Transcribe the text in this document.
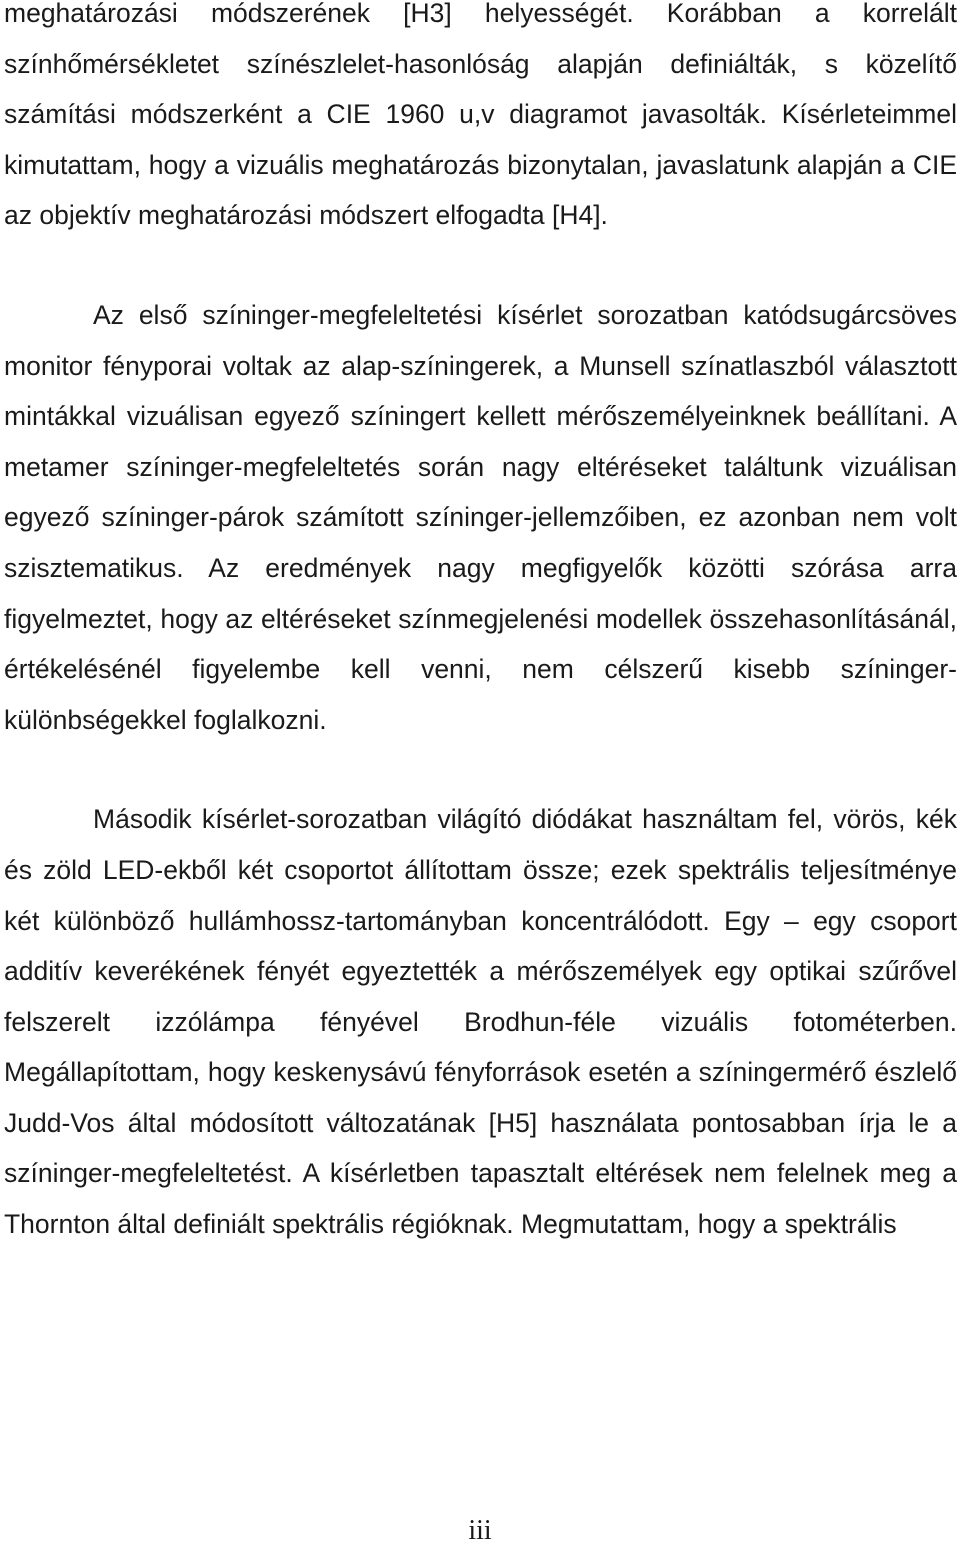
meghatározási módszerének [H3] helyességét. Korábban a korrelált színhőmérsékletet színészlelet-hasonlóság alapján definiálták, s közelítő számítási módszerként a CIE 1960 u,v diagramot javasolták. Kísérleteimmel kimutattam, hogy a vizuális meghatározás bizonytalan, javaslatunk alapján a CIE az objektív meghatározási módszert elfogadta [H4].

Az első színinger-megfeleltetési kísérlet sorozatban katódsugárcsöves monitor fényporai voltak az alap-színingerek, a Munsell színatlaszból választott mintákkal vizuálisan egyező színingert kellett mérőszemélyeinknek beállítani. A metamer színinger-megfeleltetés során nagy eltéréseket találtunk vizuálisan egyező színinger-párok számított színinger-jellemzőiben, ez azonban nem volt szisztematikus. Az eredmények nagy megfigyelők közötti szórása arra figyelmeztet, hogy az eltéréseket színmegjelenési modellek összehasonlításánál, értékelésénél figyelembe kell venni, nem célszerű kisebb színinger-különbségekkel foglalkozni.

Második kísérlet-sorozatban világító diódákat használtam fel, vörös, kék és zöld LED-ekből két csoportot állítottam össze; ezek spektrális teljesítménye két különböző hullámhossz-tartományban koncentrálódott. Egy – egy csoport additív keverékének fényét egyeztették a mérőszemélyek egy optikai szűrővel felszerelt izzólámpa fényével Brodhun-féle vizuális fotométerben. Megállapítottam, hogy keskenysávú fényforrások esetén a színingermérő észlelő Judd-Vos által módosított változatának [H5] használata pontosabban írja le a színinger-megfeleltetést. A kísérletben tapasztalt eltérések nem felelnek meg a Thornton által definiált spektrális régióknak. Megmutattam, hogy a spektrális

iii
